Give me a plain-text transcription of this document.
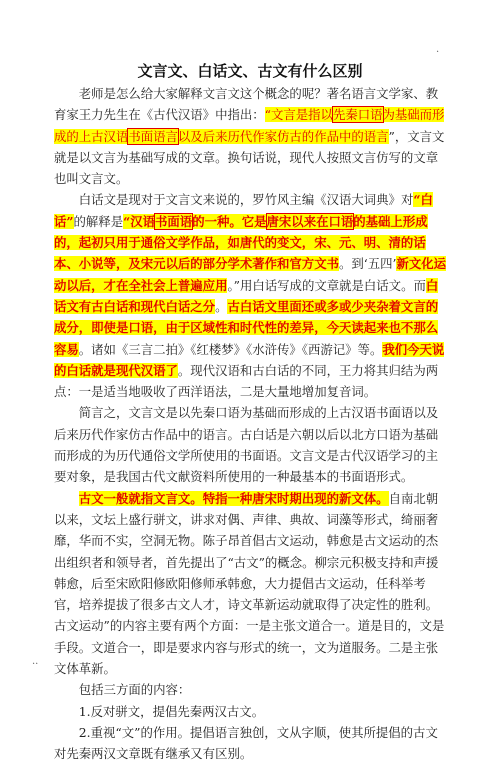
.
文言文、白话文、古文有什么区别

老师是怎么给大家解释文言文这个概念的呢？著名语言文学家、教育家王力先生在《古代汉语》中指出：“文言是指以先秦口语为基础而形成的上古汉语书面语言以及后来历代作家仿古的作品中的语言”，文言文就是以文言为基础写成的文章。换句话说，现代人按照文言仿写的文章也叫文言文。

白话文是现对于文言文来说的，罗竹风主编《汉语大词典》对“白话”的解释是“汉语书面语的一种。它是唐宋以来在口语的基础上形成的，起初只用于通俗文学作品，如唐代的变文，宋、元、明、清的话本、小说等，及宋元以后的部分学术著作和官方文书。到‘五四’新文化运动以后，才在全社会上普遍应用。”用白话写成的文章就是白话文。而白话文有古白话和现代白话之分。古白话文里面还或多或少夹杂着文言的成分，即使是口语，由于区域性和时代性的差异，今天读起来也不那么容易。诸如《三言二拍》《红楼梦》《水浒传》《西游记》等。我们今天说的白话就是现代汉语了。现代汉语和古白话的不同，王力将其归结为两点：一是适当地吸收了西洋语法，二是大量地增加复音词。

简言之，文言文是以先秦口语为基础而形成的上古汉语书面语以及后来历代作家仿古作品中的语言。古白话是六朝以后以北方口语为基础而形成的为历代通俗文学所使用的书面语。文言文是古代汉语学习的主要对象，是我国古代文献资料所使用的一种最基本的书面语形式。

古文一般就指文言文。特指一种唐宋时期出现的新文体。自南北朝以来，文坛上盛行骈文，讲求对偶、声律、典故、词藻等形式，绮丽奢靡，华而不实，空洞无物。陈子昂首倡古文运动，韩愈是古文运动的杰出组织者和领导者，首先提出了“古文”的概念。柳宗元积极支持和声援韩愈，后至宋欧阳修欧阳修师承韩愈，大力提倡古文运动，任科举考官，培养提拔了很多古文人才，诗文革新运动就取得了决定性的胜利。古文运动”的内容主要有两个方面：一是主张文道合一。道是目的，文是手段。文道合一，即是要求内容与形式的统一，文为道服务。二是主张文体革新。

包括三方面的内容：

1.反对骈文，提倡先秦两汉古文。

2.重视“文”的作用。提倡语言独创，文从字顺，使其所提倡的古文对先秦两汉文章既有继承又有区别。

..
